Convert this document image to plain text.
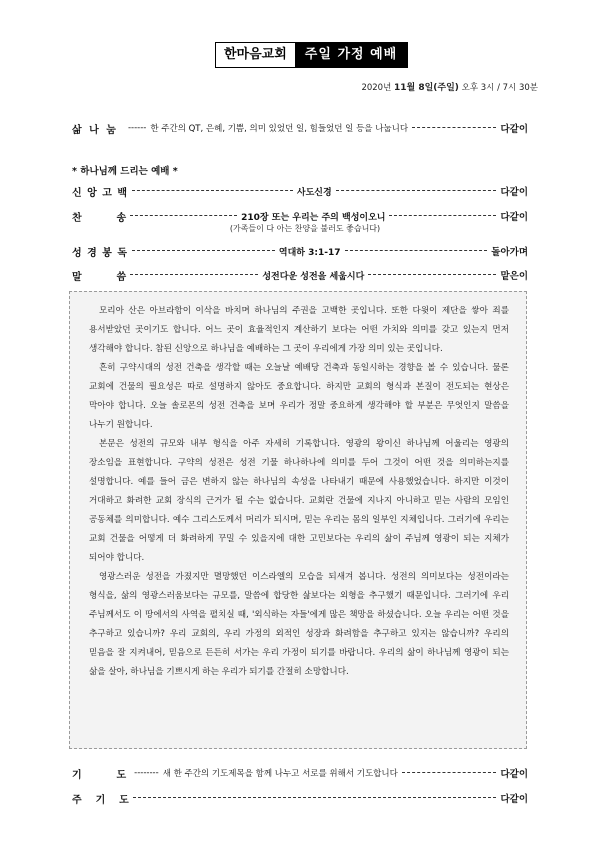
한마음교회	주일 가정 예배
2020년 11월 8일(주일) 오후 3시 / 7시 30분
삶 나 눔 ------ 한 주간의 QT, 은혜, 기쁨, 의미 있었던 일, 힘들었던 일 등을 나눕니다	다같이
* 하나님께 드리는 예배 *
신 앙 고 백	사도신경	다같이
찬          송	210장 또는 우리는 주의 백성이오니	다같이
(가족들이 다 아는 찬양을 불러도 좋습니다)
성 경 봉 독	역대하 3:1-17	돌아가며
말          씀	성전다운 성전을 세웁시다	맡은이

모리아 산은 아브라함이 이삭을 바치며 하나님의 주권을 고백한 곳입니다. 또한 다윗이 제단을 쌓아 죄를 용서받았던 곳이기도 합니다. 어느 곳이 효율적인지 계산하기 보다는 어떤 가치와 의미를 갖고 있는지 먼저 생각해야 합니다. 참된 신앙으로 하나님을 예배하는 그 곳이 우리에게 가장 의미 있는 곳입니다.

흔히 구약시대의 성전 건축을 생각할 때는 오늘날 예배당 건축과 동일시하는 경향을 볼 수 있습니다. 물론 교회에 건물의 필요성은 따로 설명하지 않아도 중요합니다. 하지만 교회의 형식과 본질이 전도되는 현상은 막아야 합니다. 오늘 솔로몬의 성전 건축을 보며 우리가 정말 중요하게 생각해야 할 부분은 무엇인지 말씀을 나누기 원합니다.

본문은 성전의 규모와 내부 형식을 아주 자세히 기록합니다. 영광의 왕이신 하나님께 어울리는 영광의 장소임을 표현합니다. 구약의 성전은 성전 기물 하나하나에 의미를 두어 그것이 어떤 것을 의미하는지를 설명합니다. 예를 들어 금은 변하지 않는 하나님의 속성을 나타내기 때문에 사용했었습니다. 하지만 이것이 거대하고 화려한 교회 장식의 근거가 될 수는 없습니다. 교회란 건물에 지나지 아니하고 믿는 사람의 모임인 공동체를 의미합니다. 예수 그리스도께서 머리가 되시며, 믿는 우리는 몸의 일부인 지체입니다. 그러기에 우리는 교회 건물을 어떻게 더 화려하게 꾸밀 수 있을지에 대한 고민보다는 우리의 삶이 주님께 영광이 되는 지체가 되어야 합니다.

영광스러운 성전을 가졌지만 멸망했던 이스라엘의 모습을 되새겨 봅니다. 성전의 의미보다는 성전이라는 형식을, 삶의 영광스러움보다는 규모를, 말씀에 합당한 삶보다는 외형을 추구했기 때문입니다. 그러기에 우리 주님께서도 이 땅에서의 사역을 펼치실 때, '외식하는 자들'에게 많은 책망을 하셨습니다. 오늘 우리는 어떤 것을 추구하고 있습니까? 우리 교회의, 우리 가정의 외적인 성장과 화려함을 추구하고 있지는 않습니까? 우리의 믿음을 잘 지켜내어, 믿음으로 든든히 서가는 우리 가정이 되기를 바랍니다. 우리의 삶이 하나님께 영광이 되는 삶을 살아, 하나님을 기쁘시게 하는 우리가 되기를 간절히 소망합니다.

기          도 -------- 새 한 주간의 기도제목을 함께 나누고 서로를 위해서 기도합니다	다같이
주    기    도	다같이
